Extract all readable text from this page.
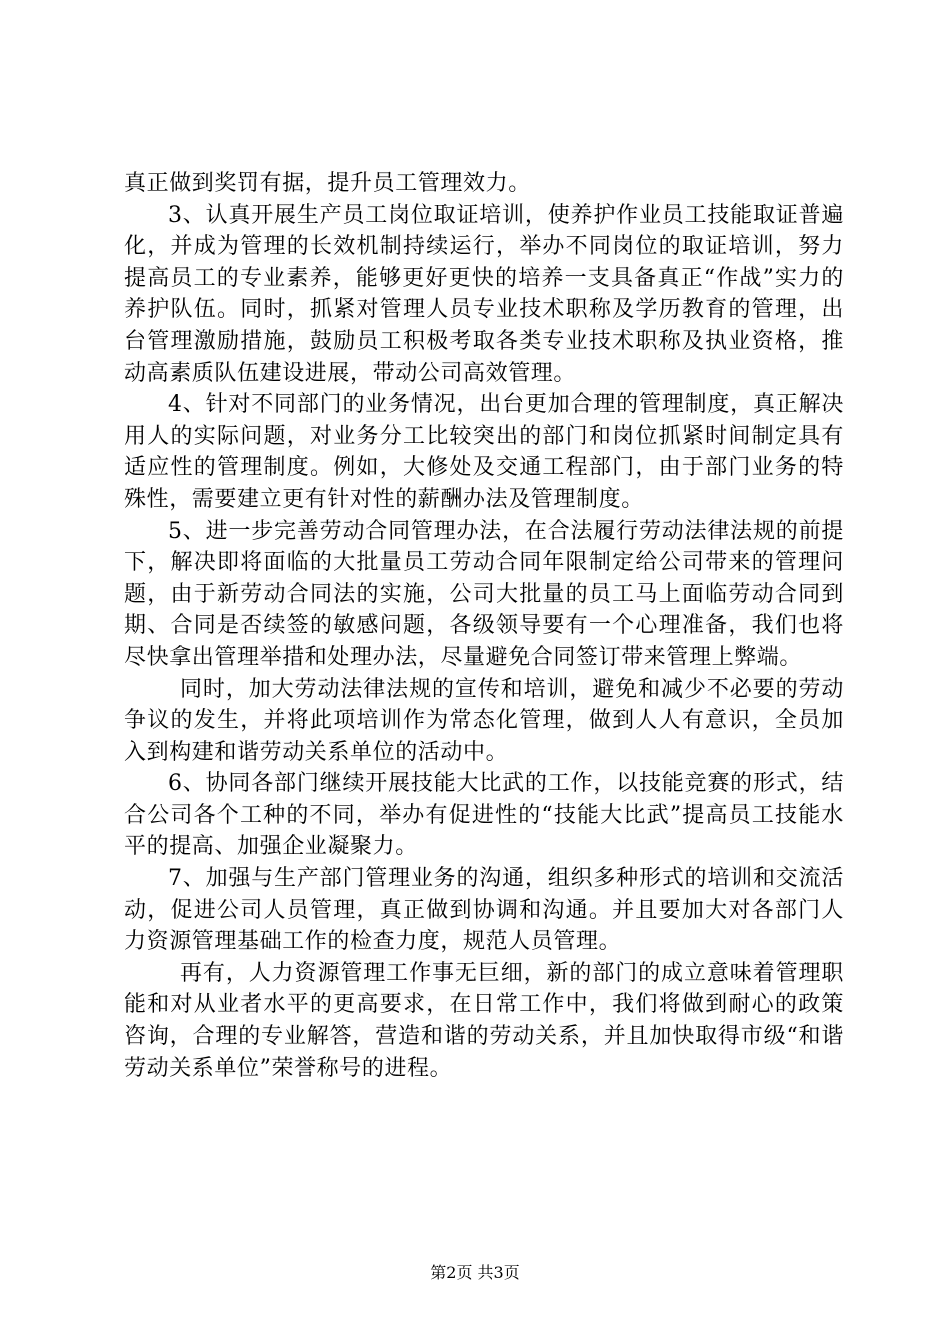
真正做到奖罚有据，提升员工管理效力。

3、认真开展生产员工岗位取证培训，使养护作业员工技能取证普遍化，并成为管理的长效机制持续运行，举办不同岗位的取证培训，努力提高员工的专业素养，能够更好更快的培养一支具备真正“作战”实力的养护队伍。同时，抓紧对管理人员专业技术职称及学历教育的管理，出台管理激励措施，鼓励员工积极考取各类专业技术职称及执业资格，推动高素质队伍建设进展，带动公司高效管理。

4、针对不同部门的业务情况，出台更加合理的管理制度，真正解决用人的实际问题，对业务分工比较突出的部门和岗位抓紧时间制定具有适应性的管理制度。例如，大修处及交通工程部门，由于部门业务的特殊性，需要建立更有针对性的薪酬办法及管理制度。

5、进一步完善劳动合同管理办法，在合法履行劳动法律法规的前提下，解决即将面临的大批量员工劳动合同年限制定给公司带来的管理问题，由于新劳动合同法的实施，公司大批量的员工马上面临劳动合同到期、合同是否续签的敏感问题，各级领导要有一个心理准备，我们也将尽快拿出管理举措和处理办法，尽量避免合同签订带来管理上弊端。

同时，加大劳动法律法规的宣传和培训，避免和减少不必要的劳动争议的发生，并将此项培训作为常态化管理，做到人人有意识，全员加入到构建和谐劳动关系单位的活动中。

6、协同各部门继续开展技能大比武的工作，以技能竞赛的形式，结合公司各个工种的不同，举办有促进性的“技能大比武”提高员工技能水平的提高、加强企业凝聚力。

7、加强与生产部门管理业务的沟通，组织多种形式的培训和交流活动，促进公司人员管理，真正做到协调和沟通。并且要加大对各部门人力资源管理基础工作的检查力度，规范人员管理。

再有，人力资源管理工作事无巨细，新的部门的成立意味着管理职能和对从业者水平的更高要求，在日常工作中，我们将做到耐心的政策咨询，合理的专业解答，营造和谐的劳动关系，并且加快取得市级“和谐劳动关系单位”荣誉称号的进程。

第2页 共3页
